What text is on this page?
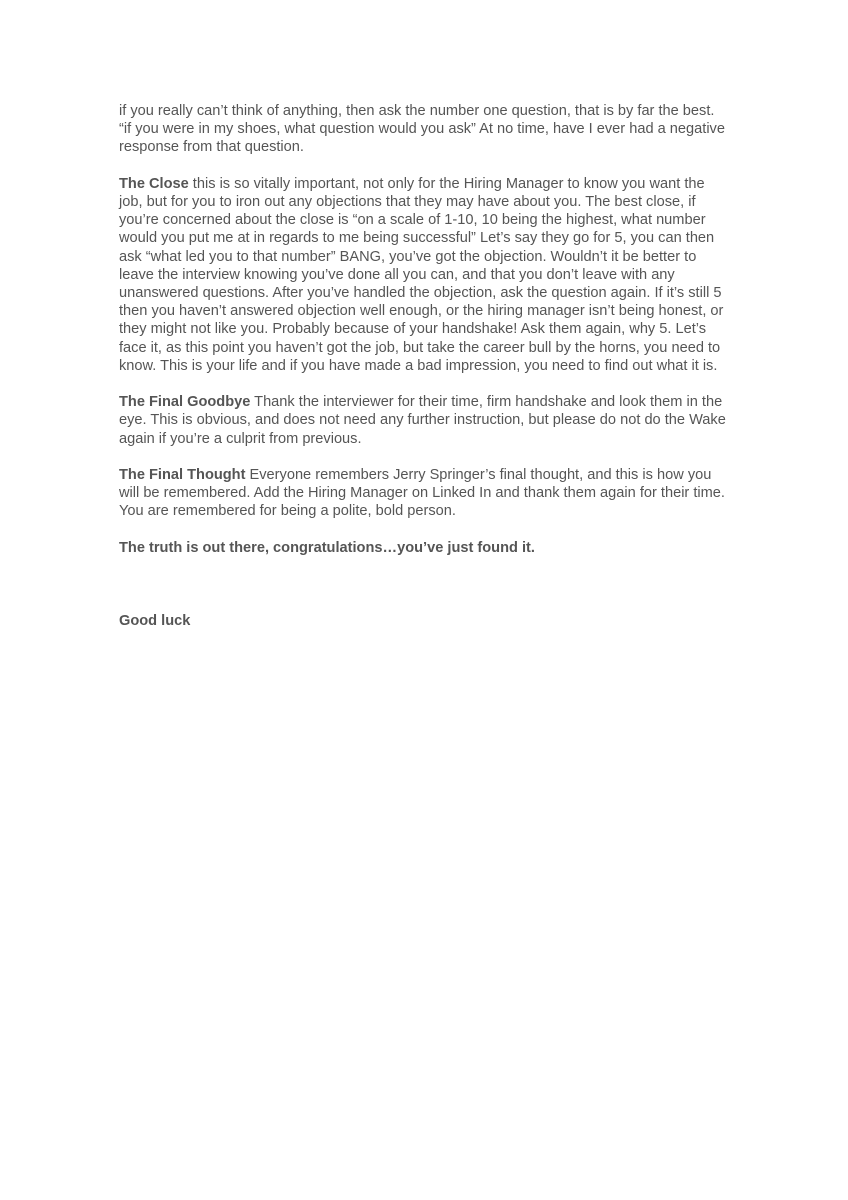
if you really can’t think of anything, then ask the number one question, that is by far the best. “if you were in my shoes, what question would you ask” At no time, have I ever had a negative response from that question.

The Close this is so vitally important, not only for the Hiring Manager to know you want the job, but for you to iron out any objections that they may have about you. The best close, if you’re concerned about the close is “on a scale of 1-10, 10 being the highest, what number would you put me at in regards to me being successful” Let’s say they go for 5, you can then ask “what led you to that number” BANG, you’ve got the objection. Wouldn’t it be better to leave the interview knowing you’ve done all you can, and that you don’t leave with any unanswered questions. After you’ve handled the objection, ask the question again. If it’s still 5 then you haven’t answered objection well enough, or the hiring manager isn’t being honest, or they might not like you. Probably because of your handshake! Ask them again, why 5. Let’s face it, as this point you haven’t got the job, but take the career bull by the horns, you need to know. This is your life and if you have made a bad impression, you need to find out what it is.

The Final Goodbye Thank the interviewer for their time, firm handshake and look them in the eye. This is obvious, and does not need any further instruction, but please do not do the Wake again if you’re a culprit from previous.

The Final Thought Everyone remembers Jerry Springer’s final thought, and this is how you will be remembered. Add the Hiring Manager on Linked In and thank them again for their time. You are remembered for being a polite, bold person.

The truth is out there, congratulations…you’ve just found it.

Good luck
